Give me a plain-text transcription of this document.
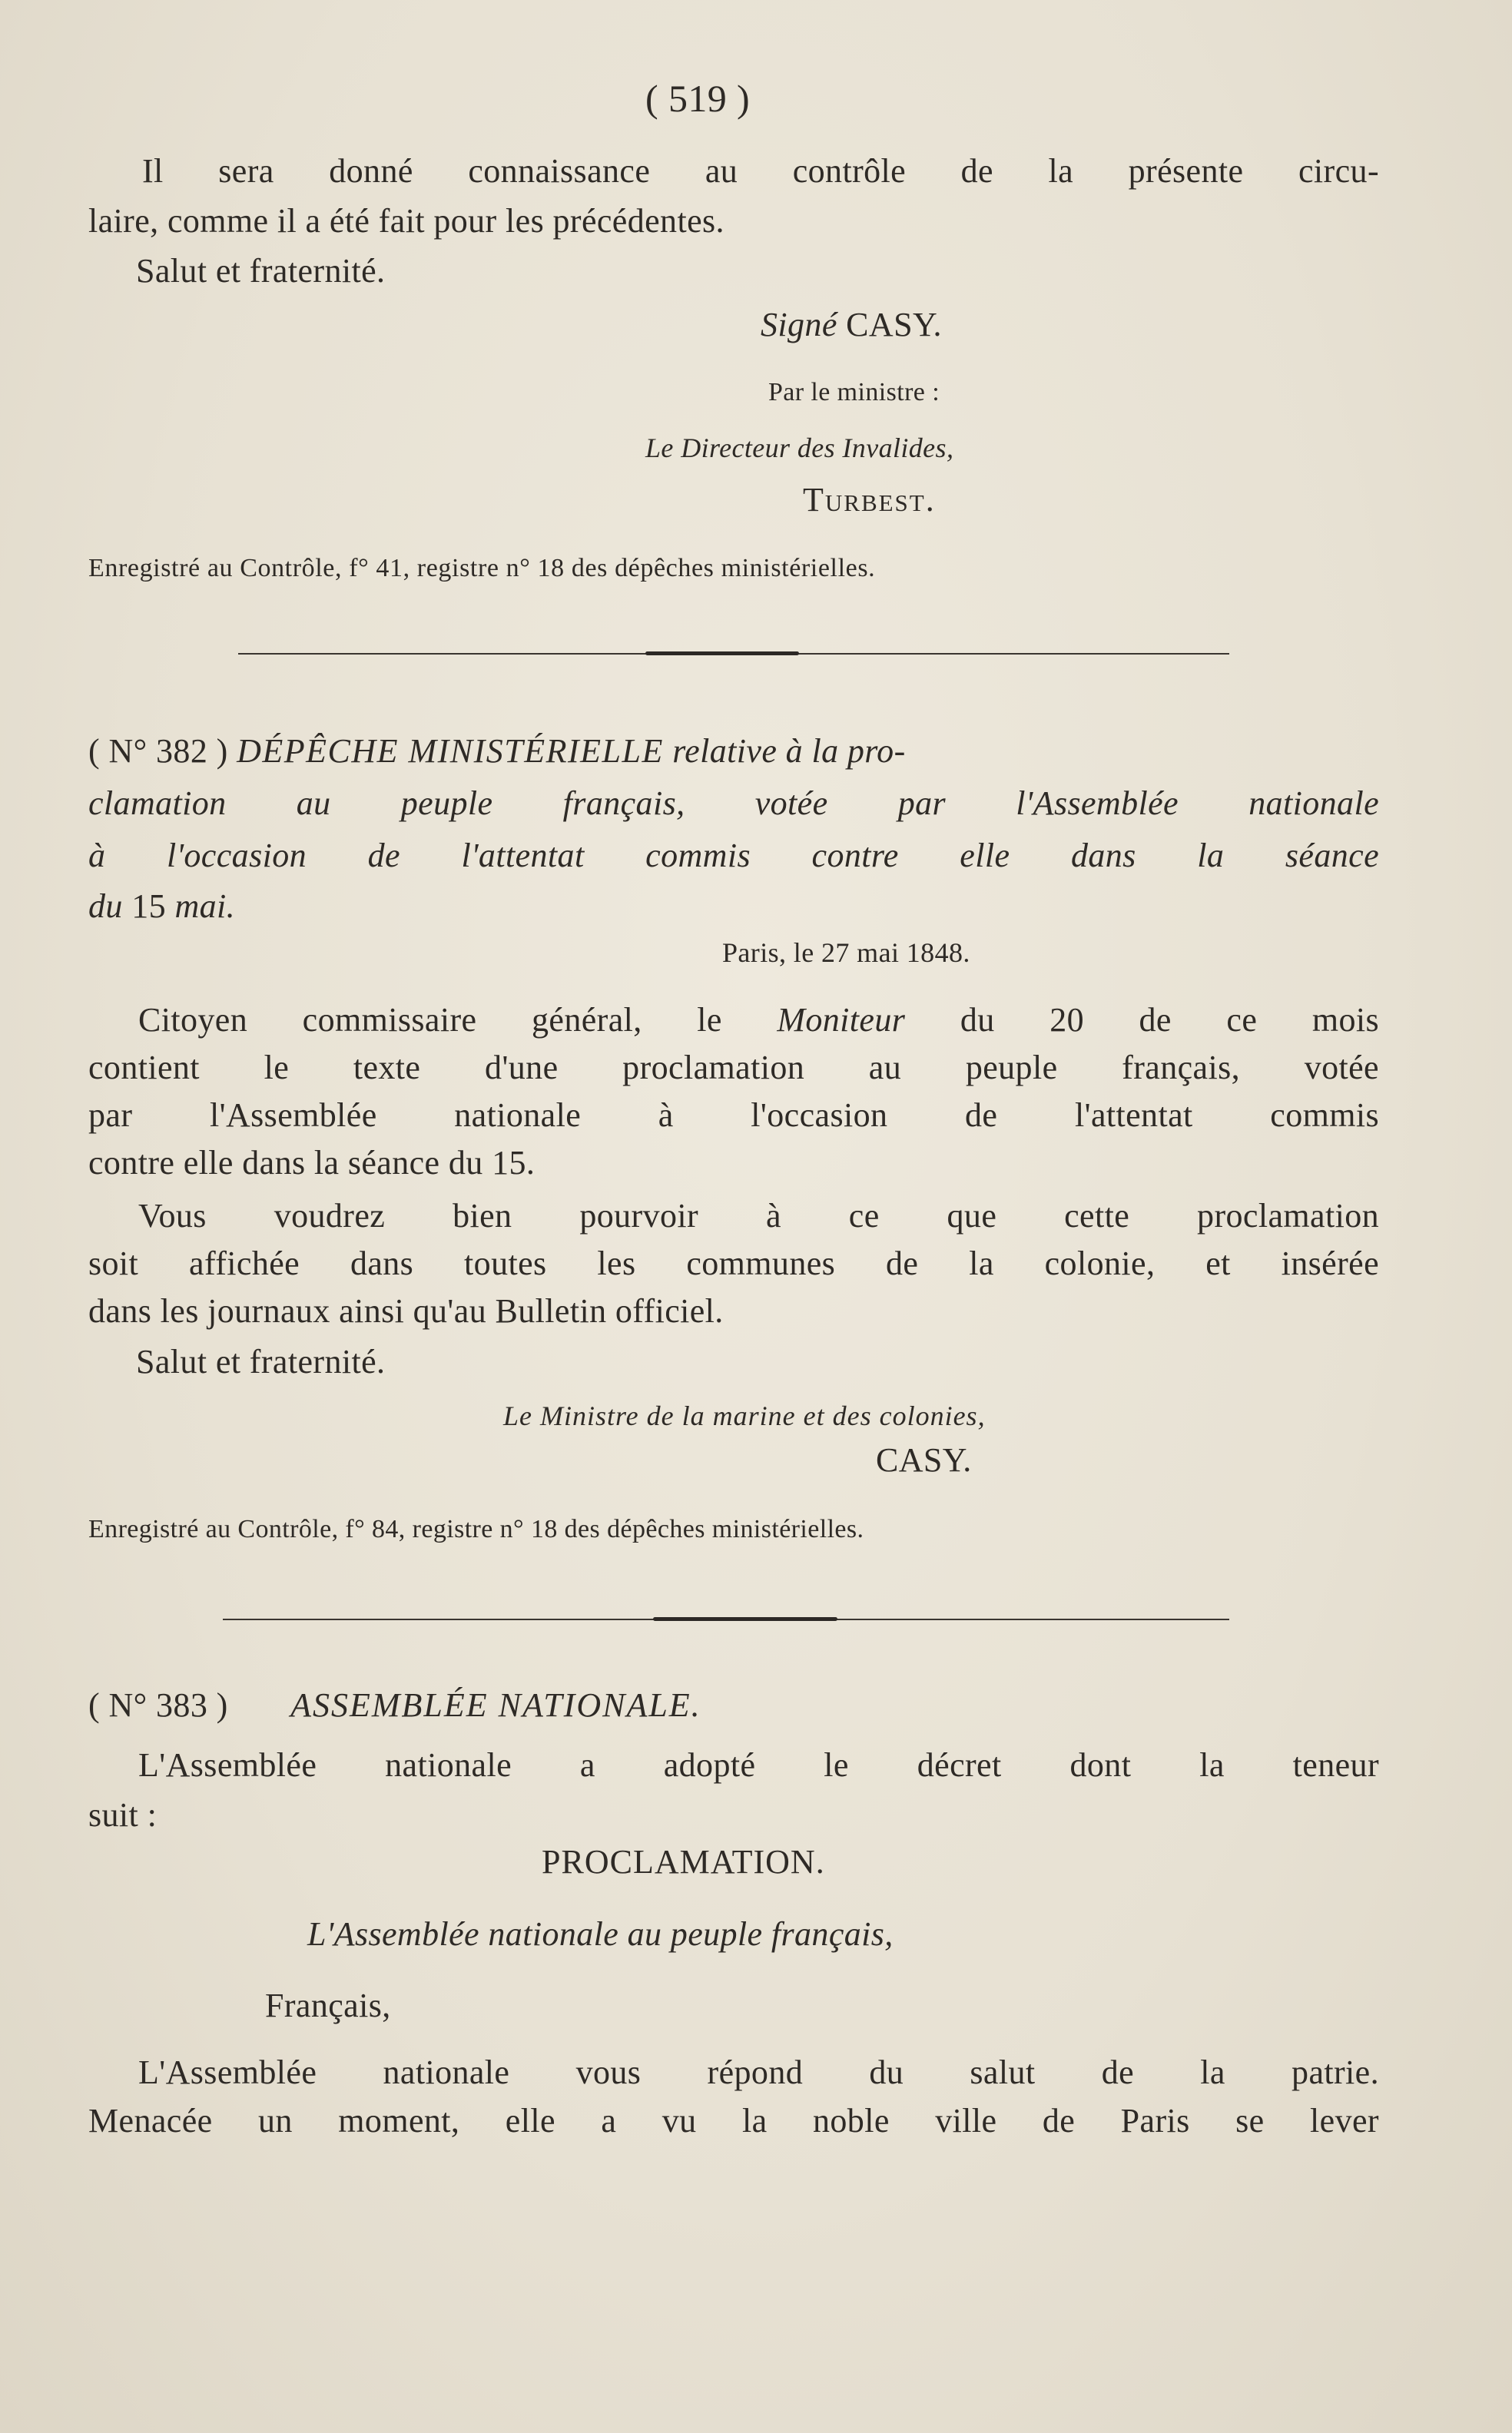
( 519 )
Il sera donné connaissance au contrôle de la présente circu-
laire, comme il a été fait pour les précédentes.
Salut et fraternité.
Signé CASY.
Par le ministre :
Le Directeur des Invalides,
Turbest.
Enregistré au Contrôle, f° 41, registre n° 18 des dépêches ministérielles.
( N° 382 ) DÉPÊCHE MINISTÉRIELLE relative à la pro-
clamation au peuple français, votée par l'Assemblée nationale
à l'occasion de l'attentat commis contre elle dans la séance
du 15 mai.
Paris, le 27 mai 1848.
Citoyen commissaire général, le Moniteur du 20 de ce mois
contient le texte d'une proclamation au peuple français, votée
par l'Assemblée nationale à l'occasion de l'attentat commis
contre elle dans la séance du 15.
Vous voudrez bien pourvoir à ce que cette proclamation
soit affichée dans toutes les communes de la colonie, et insérée
dans les journaux ainsi qu'au Bulletin officiel.
Salut et fraternité.
Le Ministre de la marine et des colonies,
CASY.
Enregistré au Contrôle, f° 84, registre n° 18 des dépêches ministérielles.
( N° 383 ) ASSEMBLÉE NATIONALE.
L'Assemblée nationale a adopté le décret dont la teneur
suit :
PROCLAMATION.
L'Assemblée nationale au peuple français,
Français,
L'Assemblée nationale vous répond du salut de la patrie.
Menacée un moment, elle a vu la noble ville de Paris se lever
